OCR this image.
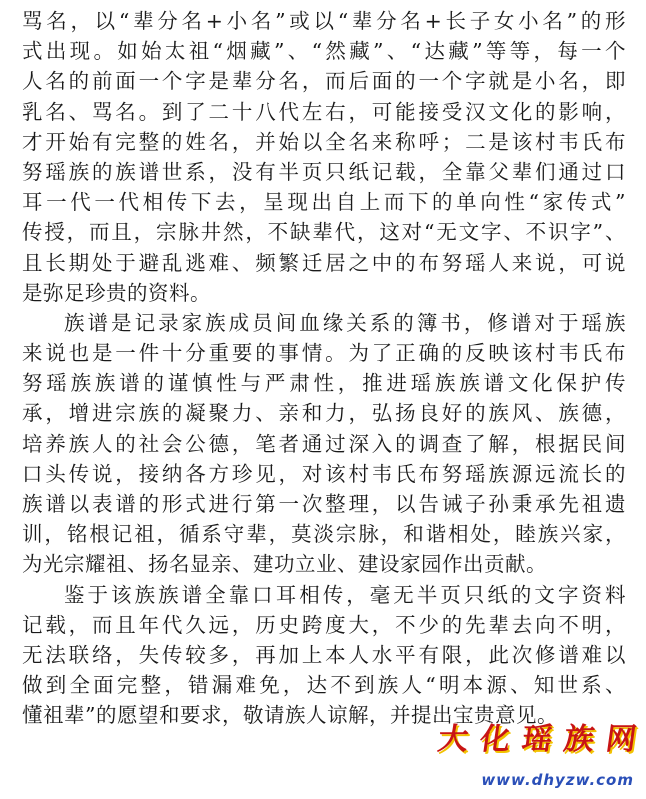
骂名，以“辈分名+小名”或以“辈分名+长子女小名”的形
式出现。如始太祖“烟藏”、“然藏”、“达藏”等等，每一个
人名的前面一个字是辈分名，而后面的一个字就是小名，即
乳名、骂名。到了二十八代左右，可能接受汉文化的影响，
才开始有完整的姓名，并始以全名来称呼；二是该村韦氏布
努瑶族的族谱世系，没有半页只纸记载，全靠父辈们通过口
耳一代一代相传下去，呈现出自上而下的单向性“家传式”
传授，而且，宗脉井然，不缺辈代，这对“无文字、不识字”、
且长期处于避乱逃难、频繁迁居之中的布努瑶人来说，可说
是弥足珍贵的资料。
族谱是记录家族成员间血缘关系的簿书，修谱对于瑶族
来说也是一件十分重要的事情。为了正确的反映该村韦氏布
努瑶族族谱的谨慎性与严肃性，推进瑶族族谱文化保护传
承，增进宗族的凝聚力、亲和力，弘扬良好的族风、族德，
培养族人的社会公德，笔者通过深入的调查了解，根据民间
口头传说，接纳各方珍见，对该村韦氏布努瑶族源远流长的
族谱以表谱的形式进行第一次整理，以告诫子孙秉承先祖遗
训，铭根记祖，循系守辈，莫淡宗脉，和谐相处，睦族兴家，
为光宗耀祖、扬名显亲、建功立业、建设家园作出贡献。
鉴于该族族谱全靠口耳相传，毫无半页只纸的文字资料
记载，而且年代久远，历史跨度大，不少的先辈去向不明，
无法联络，失传较多，再加上本人水平有限，此次修谱难以
做到全面完整，错漏难免，达不到族人“明本源、知世系、
懂祖辈”的愿望和要求，敬请族人谅解，并提出宝贵意见。
大 化 瑶 族 网
www.dhyzw.com
